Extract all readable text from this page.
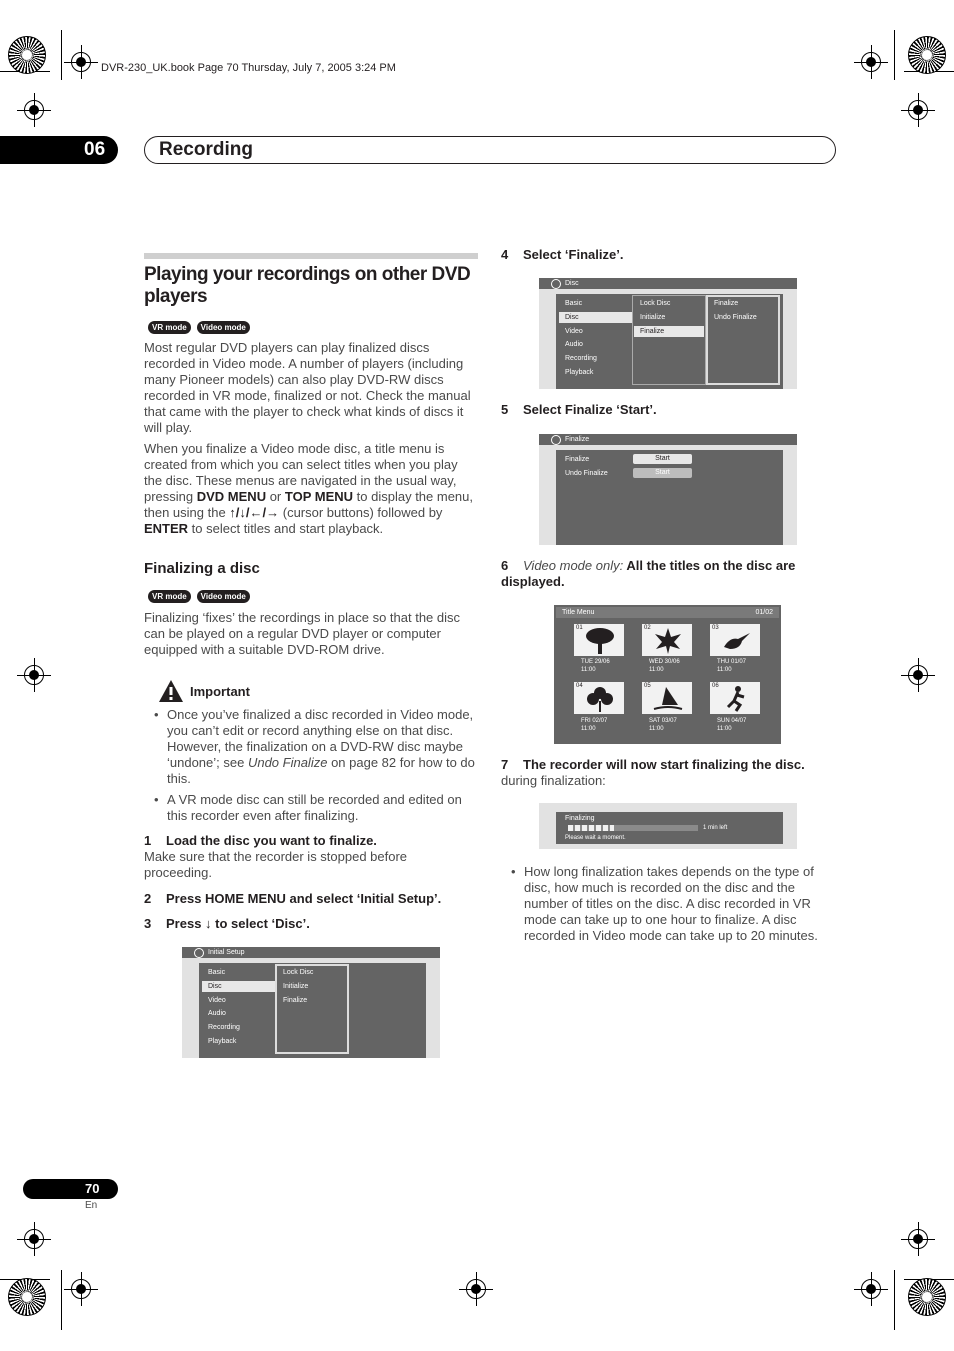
DVR-230_UK.book Page 70 Thursday, July 7, 2005 3:24 PM
06	Recording
Playing your recordings on other DVD players
VR mode Video mode
Most regular DVD players can play finalized discs recorded in Video mode. A number of players (including many Pioneer models) can also play DVD-RW discs recorded in VR mode, finalized or not. Check the manual that came with the player to check what kinds of discs it will play.
When you finalize a Video mode disc, a title menu is created from which you can select titles when you play the disc. These menus are navigated in the usual way, pressing DVD MENU or TOP MENU to display the menu, then using the ↑/↓/←/→ (cursor buttons) followed by ENTER to select titles and start playback.
Finalizing a disc
VR mode Video mode
Finalizing ‘fixes’ the recordings in place so that the disc can be played on a regular DVD player or computer equipped with a suitable DVD-ROM drive.
Important
• Once you’ve finalized a disc recorded in Video mode, you can’t edit or record anything else on that disc. However, the finalization on a DVD-RW disc maybe ‘undone’; see Undo Finalize on page 82 for how to do this.
• A VR mode disc can still be recorded and edited on this recorder even after finalizing.
1 Load the disc you want to finalize.
Make sure that the recorder is stopped before proceeding.
2 Press HOME MENU and select ‘Initial Setup’.
3 Press ↓ to select ‘Disc’.
Initial Setup
Basic
Disc
Video
Audio
Recording
Playback
Lock Disc
Initialize
Finalize
4 Select ‘Finalize’.
Disc
Basic
Disc
Video
Audio
Recording
Playback
Lock Disc
Initialize
Finalize
Finalize
Undo Finalize
5 Select Finalize ‘Start’.
Finalize
Finalize
Undo Finalize
Start
Start
6 Video mode only: All the titles on the disc are displayed.
Title Menu	01/02
01
TUE 29/06
11:00
02
WED 30/06
11:00
03
THU 01/07
11:00
04
FRI 02/07
11:00
05
SAT 03/07
11:00
06
SUN 04/07
11:00
7 The recorder will now start finalizing the disc.
during finalization:
Finalizing
1 min left
Please wait a moment.
• How long finalization takes depends on the type of disc, how much is recorded on the disc and the number of titles on the disc. A disc recorded in VR mode can take up to one hour to finalize. A disc recorded in Video mode can take up to 20 minutes.
70
En
